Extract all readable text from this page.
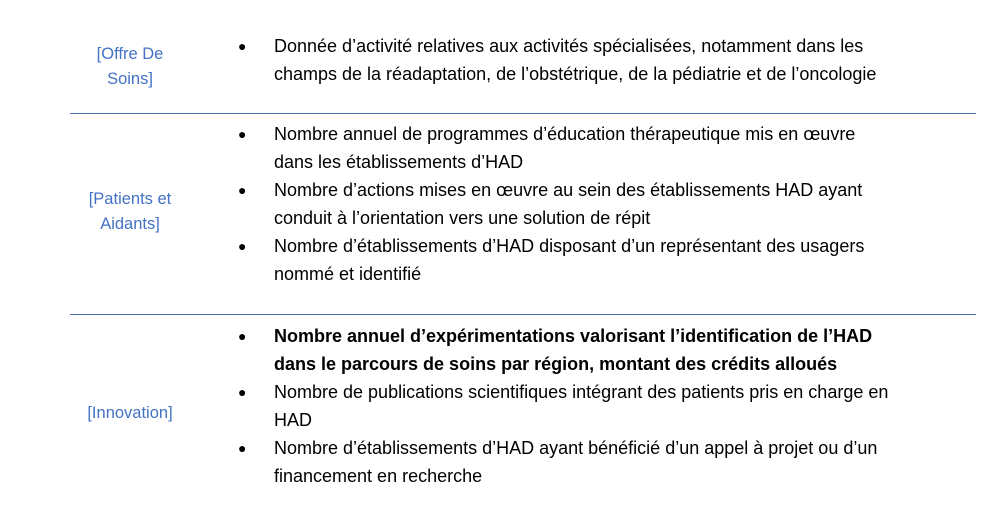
[Offre De
Soins]
● Donnée d’activité relatives aux activités spécialisées, notamment dans les
champs de la réadaptation, de l’obstétrique, de la pédiatrie et de l’oncologie
[Patients et
Aidants]
● Nombre annuel de programmes d’éducation thérapeutique mis en œuvre
dans les établissements d’HAD
● Nombre d’actions mises en œuvre au sein des établissements HAD ayant
conduit à l’orientation vers une solution de répit
● Nombre d’établissements d’HAD disposant d’un représentant des usagers
nommé et identifié
[Innovation]
● Nombre annuel d’expérimentations valorisant l’identification de l’HAD
dans le parcours de soins par région, montant des crédits alloués
● Nombre de publications scientifiques intégrant des patients pris en charge en
HAD
● Nombre d’établissements d’HAD ayant bénéficié d’un appel à projet ou d’un
financement en recherche
